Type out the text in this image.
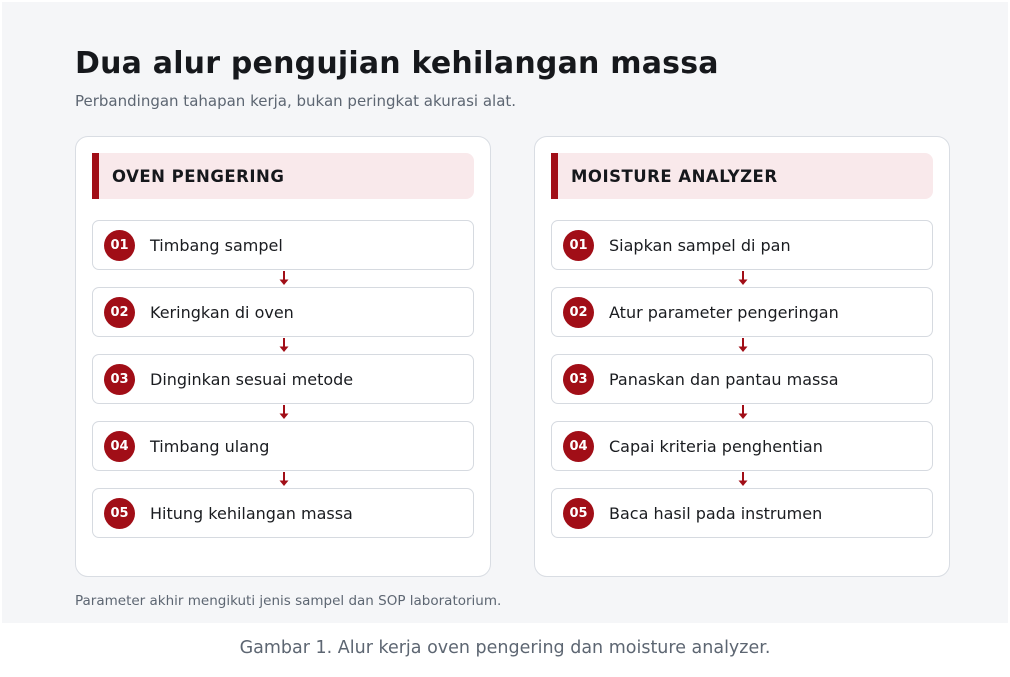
Dua alur pengujian kehilangan massa
Perbandingan tahapan kerja, bukan peringkat akurasi alat.
OVEN PENGERING
01	Timbang sampel
02	Keringkan di oven
03	Dinginkan sesuai metode
04	Timbang ulang
05	Hitung kehilangan massa
MOISTURE ANALYZER
01	Siapkan sampel di pan
02	Atur parameter pengeringan
03	Panaskan dan pantau massa
04	Capai kriteria penghentian
05	Baca hasil pada instrumen
Parameter akhir mengikuti jenis sampel dan SOP laboratorium.
Gambar 1. Alur kerja oven pengering dan moisture analyzer.
